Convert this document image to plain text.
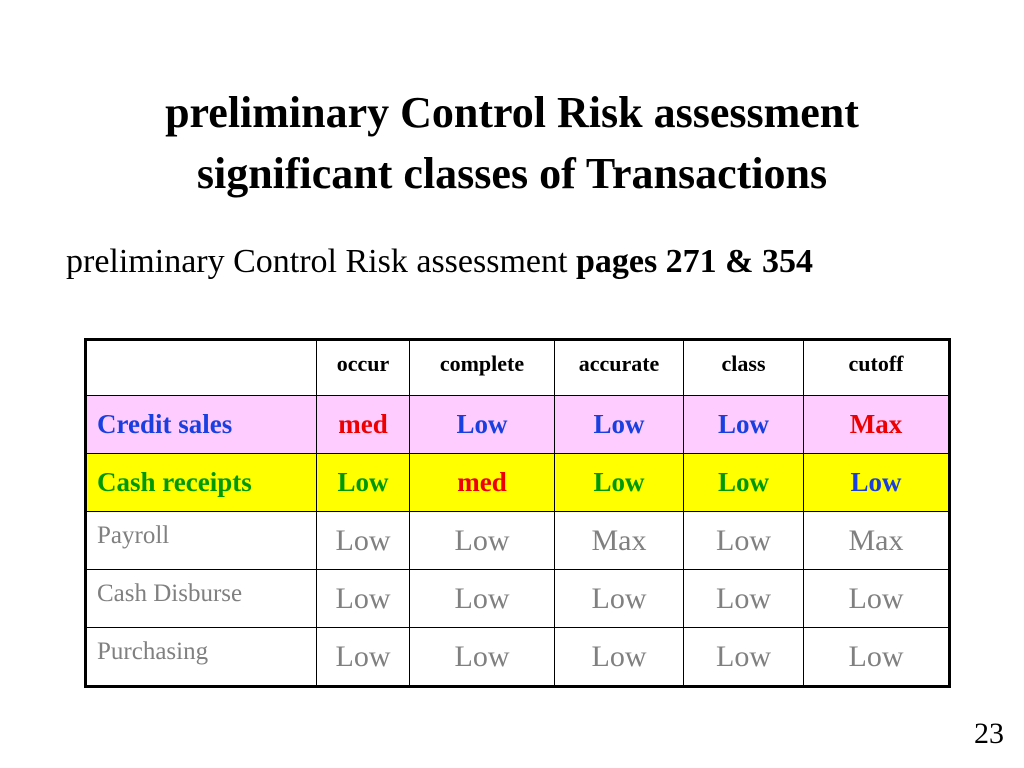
preliminary Control Risk assessment
significant classes of Transactions
preliminary Control Risk assessment pages 271 & 354
	occur	complete	accurate	class	cutoff
Credit sales	med	Low	Low	Low	Max
Cash receipts	Low	med	Low	Low	Low
Payroll	Low	Low	Max	Low	Max
Cash Disburse	Low	Low	Low	Low	Low
Purchasing	Low	Low	Low	Low	Low
23
